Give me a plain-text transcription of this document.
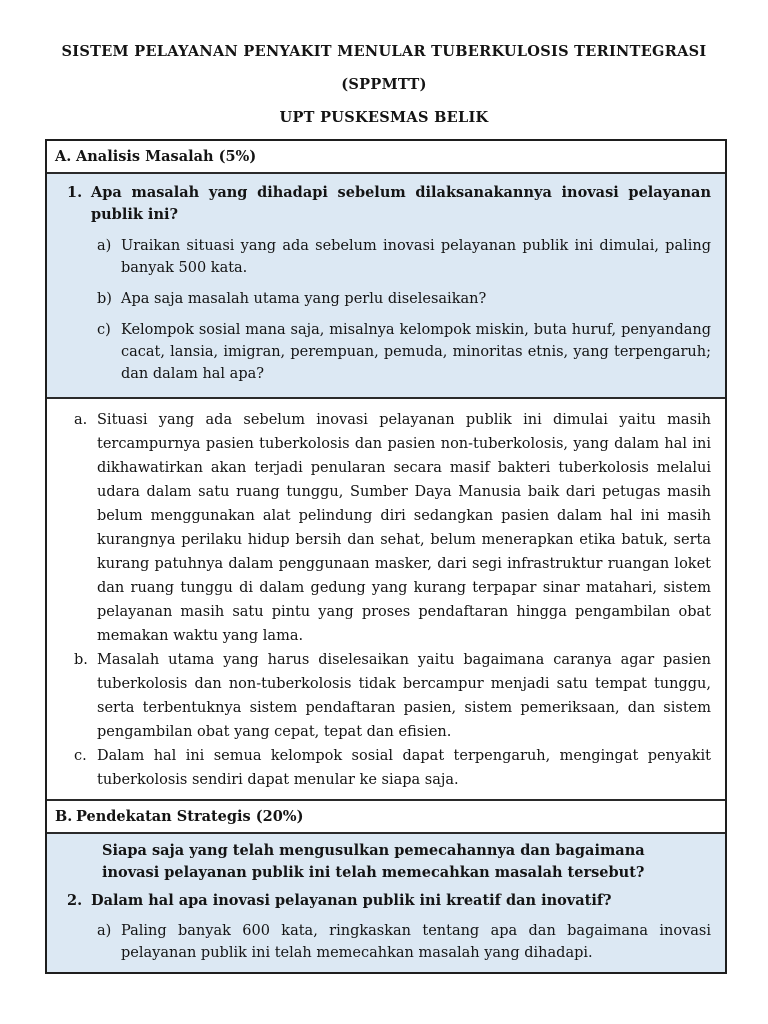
SISTEM PELAYANAN PENYAKIT MENULAR TUBERKULOSIS TERINTEGRASI
(SPPMTT)
UPT PUSKESMAS BELIK
A. Analisis Masalah (5%)
1. Apa masalah yang dihadapi sebelum dilaksanakannya inovasi pelayanan publik ini?
a) Uraikan situasi yang ada sebelum inovasi pelayanan publik ini dimulai, paling banyak 500 kata.
b) Apa saja masalah utama yang perlu diselesaikan?
c) Kelompok sosial mana saja, misalnya kelompok miskin, buta huruf, penyandang cacat, lansia, imigran, perempuan, pemuda, minoritas etnis, yang terpengaruh; dan dalam hal apa?
a. Situasi yang ada sebelum inovasi pelayanan publik ini dimulai yaitu masih tercampurnya pasien tuberkolosis dan pasien non-tuberkolosis, yang dalam hal ini dikhawatirkan akan terjadi penularan secara masif bakteri tuberkolosis melalui udara dalam satu ruang tunggu, Sumber Daya Manusia baik dari petugas masih belum menggunakan alat pelindung diri sedangkan pasien dalam hal ini masih kurangnya perilaku hidup bersih dan sehat, belum menerapkan etika batuk, serta kurang patuhnya dalam penggunaan masker, dari segi infrastruktur ruangan loket dan ruang tunggu di dalam gedung yang kurang terpapar sinar matahari, sistem pelayanan masih satu pintu yang proses pendaftaran hingga pengambilan obat memakan waktu yang lama.
b. Masalah utama yang harus diselesaikan yaitu bagaimana caranya agar pasien tuberkolosis dan non-tuberkolosis tidak bercampur menjadi satu tempat tunggu, serta terbentuknya sistem pendaftaran pasien, sistem pemeriksaan, dan sistem pengambilan obat yang cepat, tepat dan efisien.
c. Dalam hal ini semua kelompok sosial dapat terpengaruh, mengingat penyakit tuberkolosis sendiri dapat menular ke siapa saja.
B. Pendekatan Strategis (20%)
Siapa saja yang telah mengusulkan pemecahannya dan bagaimana inovasi pelayanan publik ini telah memecahkan masalah tersebut?
2. Dalam hal apa inovasi pelayanan publik ini kreatif dan inovatif?
a) Paling banyak 600 kata, ringkaskan tentang apa dan bagaimana inovasi pelayanan publik ini telah memecahkan masalah yang dihadapi.
